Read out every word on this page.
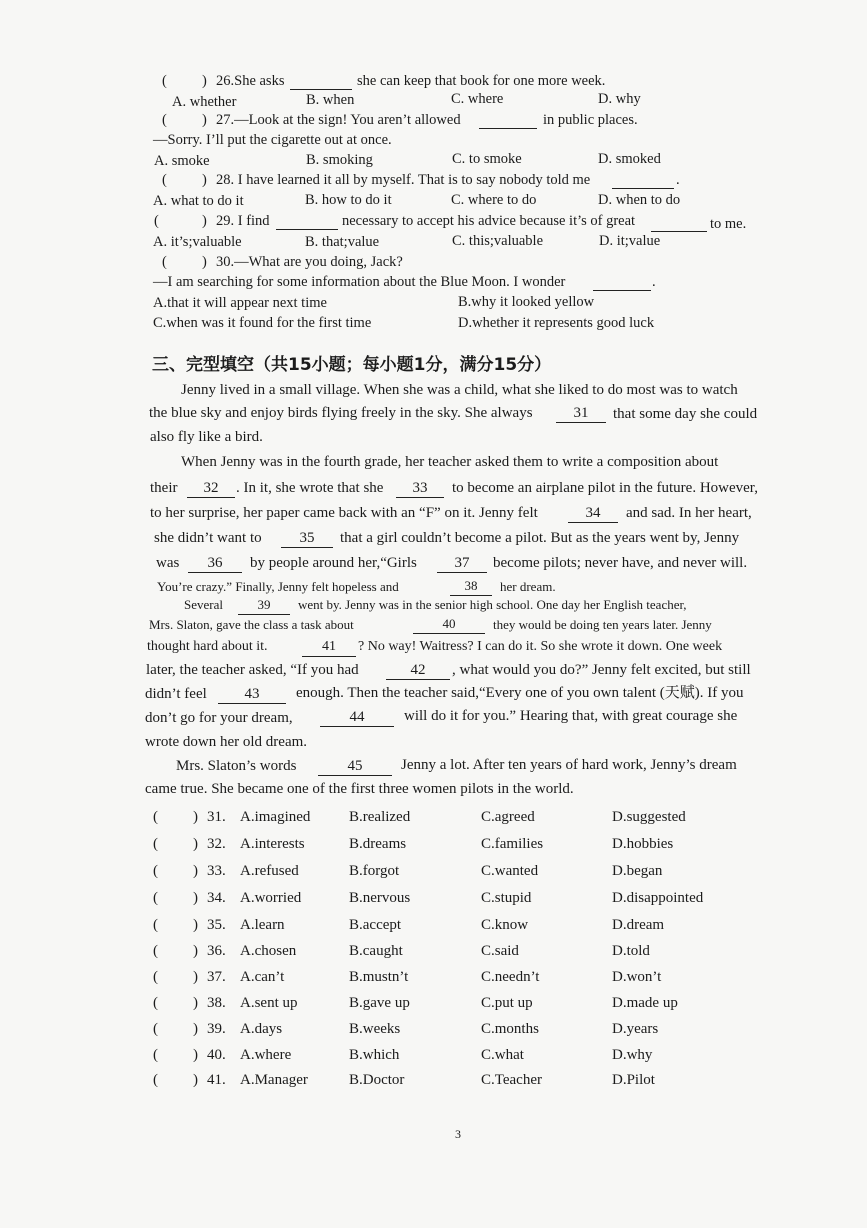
( ) 26.She asks	she can keep that book for one more week.
A. whether	B. when	C. where	D. why
( ) 27.—Look at the sign! You aren’t allowed	in public places.
—Sorry. I’ll put the cigarette out at once.
A. smoke	B. smoking	C. to smoke	D. smoked
( ) 28. I have learned it all by myself. That is to say nobody told me	.
A. what to do it	B. how to do it	C. where to do	D. when to do
(	) 29. I find	necessary to accept his advice because it’s of great	to me.
A. it’s;valuable	B. that;value	C. this;valuable	D. it;value
( ) 30.—What are you doing, Jack?
—I am searching for some information about the Blue Moon. I wonder	.
A.that it will appear next time	B.why it looked yellow
C.when was it found for the first time	D.whether it represents good luck
三、完型填空（共15小题；每小题1分，满分15分）
Jenny lived in a small village. When she was a child, what she liked to do most was to watch
the blue sky and enjoy birds flying freely in the sky. She always	31	that some day she could
also fly like a bird.
When Jenny was in the fourth grade, her teacher asked them to write a composition about
their	32	. In it, she wrote that she	33	to become an airplane pilot in the future. However,
to her surprise, her paper came back with an “F” on it. Jenny felt	34	and sad. In her heart,
she didn’t want to	35	that a girl couldn’t become a pilot. But as the years went by, Jenny
was	36	by people around her,“Girls	37	become pilots; never have, and never will.
You’re crazy.” Finally, Jenny felt hopeless and	38	her dream.
Several	39	went by. Jenny was in the senior high school. One day her English teacher,
Mrs. Slaton, gave the class a task about	40	they would be doing ten years later. Jenny
thought hard about it.	41	? No way! Waitress? I can do it. So she wrote it down. One week
later, the teacher asked, “If you had	42	, what would you do?” Jenny felt excited, but still
didn’t feel	43	enough. Then the teacher said,“Every one of you own talent (天赋). If you
don’t go for your dream,	44	will do it for you.” Hearing that, with great courage she
wrote down her old dream.
Mrs. Slaton’s words	45	Jenny a lot. After ten years of hard work, Jenny’s dream
came true. She became one of the first three women pilots in the world.
( ) 31. A.imagined	B.realized	C.agreed	D.suggested
( ) 32. A.interests	B.dreams	C.families	D.hobbies
( ) 33. A.refused	B.forgot	C.wanted	D.began
( ) 34. A.worried	B.nervous	C.stupid	D.disappointed
( ) 35. A.learn	B.accept	C.know	D.dream
( ) 36. A.chosen	B.caught	C.said	D.told
( ) 37. A.can’t	B.mustn’t	C.needn’t	D.won’t
( ) 38. A.sent up	B.gave up	C.put up	D.made up
( ) 39. A.days	B.weeks	C.months	D.years
( ) 40. A.where	B.which	C.what	D.why
( ) 41. A.Manager	B.Doctor	C.Teacher	D.Pilot
3
